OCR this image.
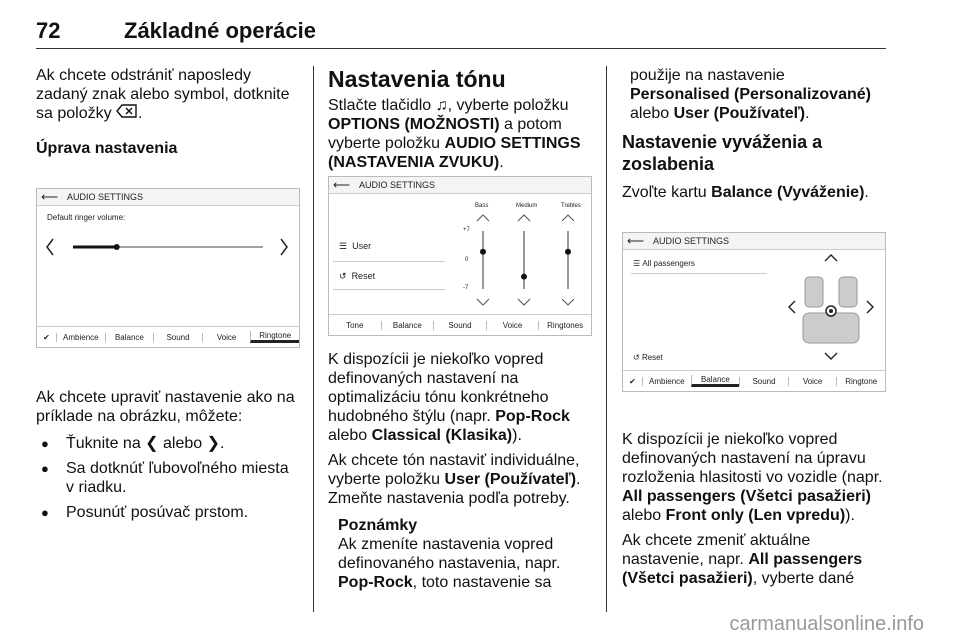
72	Základné operácie

Ak chcete odstrániť naposledy zadaný znak alebo symbol, dotknite sa položky .

Úprava nastavenia

⟵ AUDIO SETTINGS
Default ringer volume:
✔	Ambience	Balance	Sound	Voice	Ringtone

Ak chcete upraviť nastavenie ako na príklade na obrázku, môžete:

● Ťuknite na ❮ alebo ❯.
● Sa dotknúť ľubovoľného miesta v riadku.
● Posunúť posúvač prstom.

Nastavenia tónu

Stlačte tlačidlo ♫, vyberte položku OPTIONS (MOŽNOSTI) a potom vyberte položku AUDIO SETTINGS (NASTAVENIA ZVUKU).

⟵ AUDIO SETTINGS
☰ User
↺ Reset
+7
0
-7
Bass	Medium	Trebles
Tone	Balance	Sound	Voice	Ringtones

K dispozícii je niekoľko vopred definovaných nastavení na optimalizáciu tónu konkrétneho hudobného štýlu (napr. Pop-Rock alebo Classical (Klasika)).

Ak chcete tón nastaviť individuálne, vyberte položku User (Používateľ). Zmeňte nastavenia podľa potreby.

Poznámky

Ak zmeníte nastavenia vopred definovaného nastavenia, napr. Pop-Rock, toto nastavenie sa

použije na nastavenie Personalised (Personalizované) alebo User (Používateľ).

Nastavenie vyváženia a zoslabenia

Zvoľte kartu Balance (Vyváženie).

⟵ AUDIO SETTINGS
☰ All passengers
↺ Reset
✔	Ambience	Balance	Sound	Voice	Ringtone

K dispozícii je niekoľko vopred definovaných nastavení na úpravu rozloženia hlasitosti vo vozidle (napr. All passengers (Všetci pasažieri) alebo Front only (Len vpredu)).

Ak chcete zmeniť aktuálne nastavenie, napr. All passengers (Všetci pasažieri), vyberte dané

carmanualsonline.info
